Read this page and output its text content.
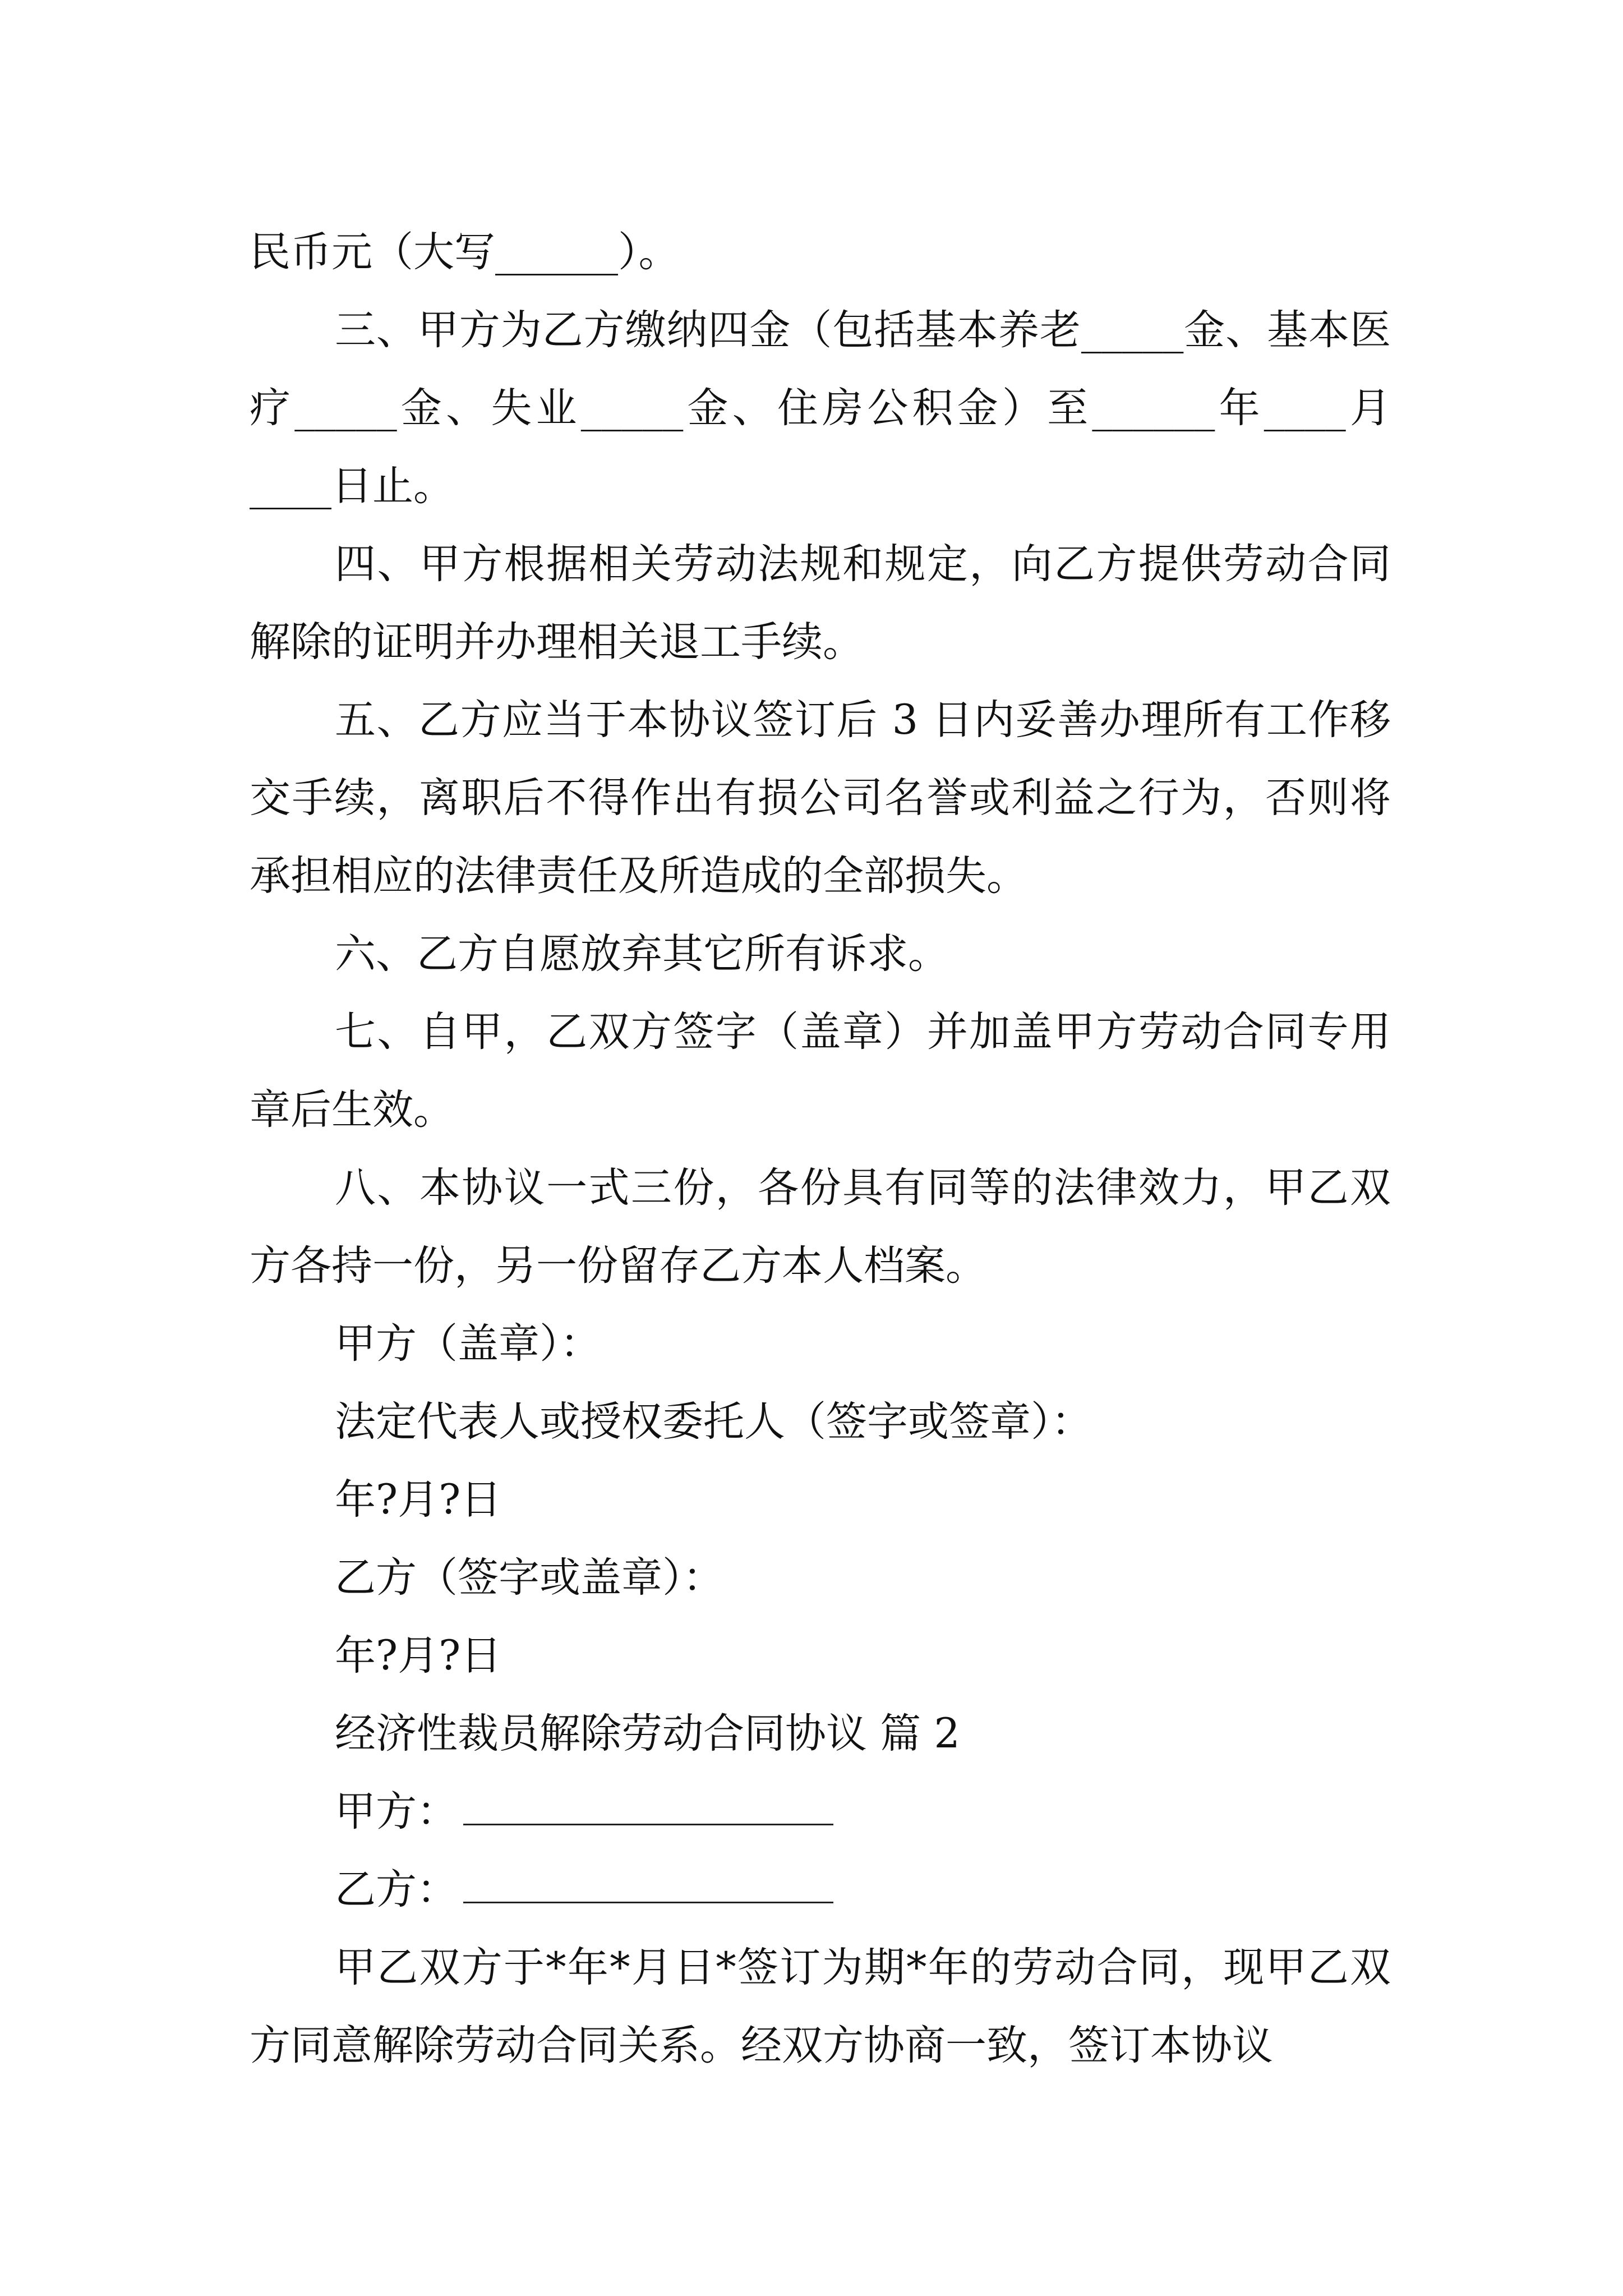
民币元（大写______）。

三、甲方为乙方缴纳四金（包括基本养老_____金、基本医疗_____金、失业_____金、住房公积金）至______年____月____日止。

四、甲方根据相关劳动法规和规定，向乙方提供劳动合同解除的证明并办理相关退工手续。

五、乙方应当于本协议签订后 3 日内妥善办理所有工作移交手续，离职后不得作出有损公司名誉或利益之行为，否则将承担相应的法律责任及所造成的全部损失。

六、乙方自愿放弃其它所有诉求。

七、自甲，乙双方签字（盖章）并加盖甲方劳动合同专用章后生效。

八、本协议一式三份，各份具有同等的法律效力，甲乙双方各持一份，另一份留存乙方本人档案。

甲方（盖章）：

法定代表人或授权委托人（签字或签章）：

年?月?日

乙方（签字或盖章）：

年?月?日

经济性裁员解除劳动合同协议 篇 2

甲方：

乙方：

甲乙双方于*年*月日*签订为期*年的劳动合同，现甲乙双方同意解除劳动合同关系。经双方协商一致，签订本协议
